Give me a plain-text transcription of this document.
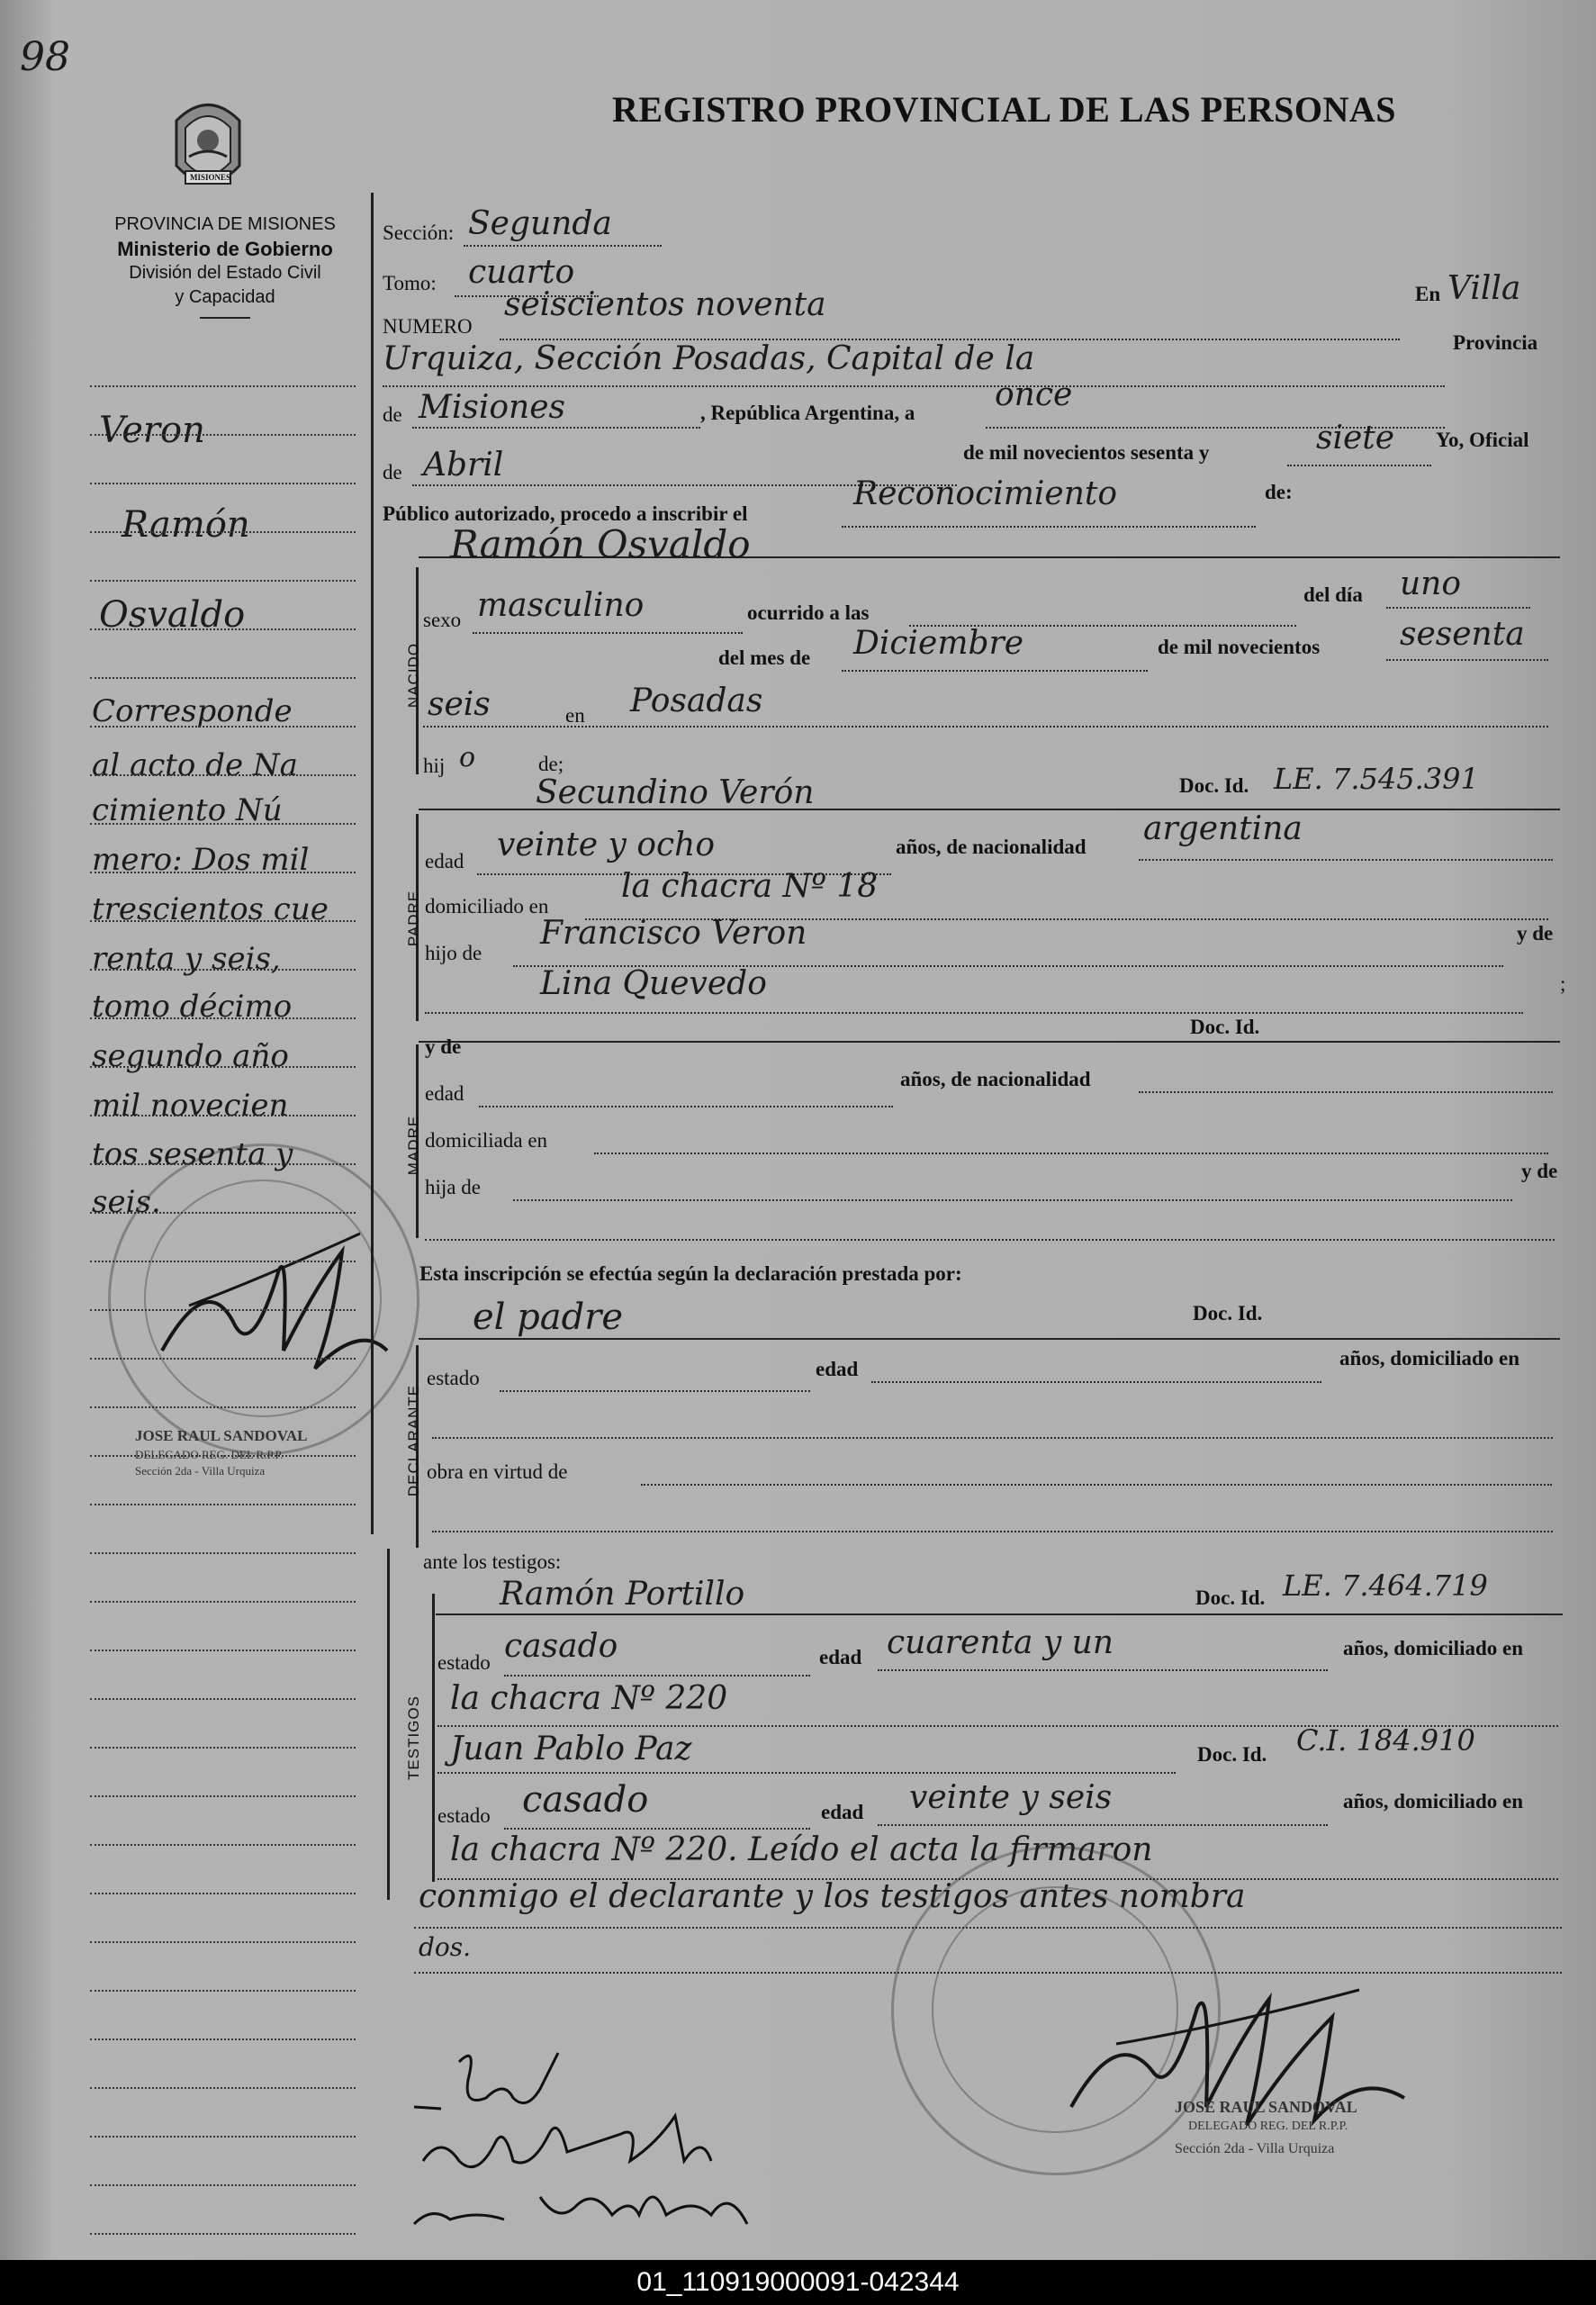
98
REGISTRO PROVINCIAL DE LAS PERSONAS
MISIONES
PROVINCIA DE MISIONES
Ministerio de Gobierno
División del Estado Civil
y Capacidad
Veron
Ramón
Osvaldo
Corresponde
al acto de Na
cimiento Nú
mero: Dos mil
trescientos cue
renta y seis,
tomo décimo
segundo año
mil novecien
tos sesenta y
seis.
JOSE RAUL SANDOVAL
DELEGADO REG. DEL R.P.P.
Sección 2da - Villa Urquiza
Sección: Segunda
Tomo: cuarto
NUMERO
seiscientos noventa	En Villa
Urquiza, Sección Posadas, Capital de la	Provincia
de Misiones	, República Argentina, a once
de Abril	de mil novecientos sesenta y	siete Yo, Oficial
Público autorizado, procedo a inscribir el
Reconocimiento	de:
Ramón Osvaldo
NACIDO
sexo masculino	ocurrido a las
del día uno
del mes de Diciembre	de mil novecientos sesenta
seis	en Posadas
hij o	de;
Secundino Verón	Doc. Id. LE. 7.545.391
PADRE
edad veinte y ocho	años, de nacionalidad argentina
domiciliado en
la chacra Nº 18
hijo de
Francisco Veron	y de
Lina Quevedo	;
Doc. Id.
MADRE
y de
edad
años, de nacionalidad
domiciliada en
hija de
y de
Esta inscripción se efectúa según la declaración prestada por:
el padre	Doc. Id.
DECLARANTE
estado	edad	años, domiciliado en
obra en virtud de
ante los testigos:
TESTIGOS
Ramón Portillo	Doc. Id. LE. 7.464.719
estado casado	edad cuarenta y un	años, domiciliado en
la chacra Nº 220
Juan Pablo Paz	Doc. Id. C.I. 184.910
estado casado	edad veinte y seis	años, domiciliado en
la chacra Nº 220. Leído el acta la firmaron
conmigo el declarante y los testigos antes nombra
dos.
JOSE RAUL SANDOVAL
DELEGADO REG. DEL R.P.P.
Sección 2da - Villa Urquiza
01_110919000091-042344
